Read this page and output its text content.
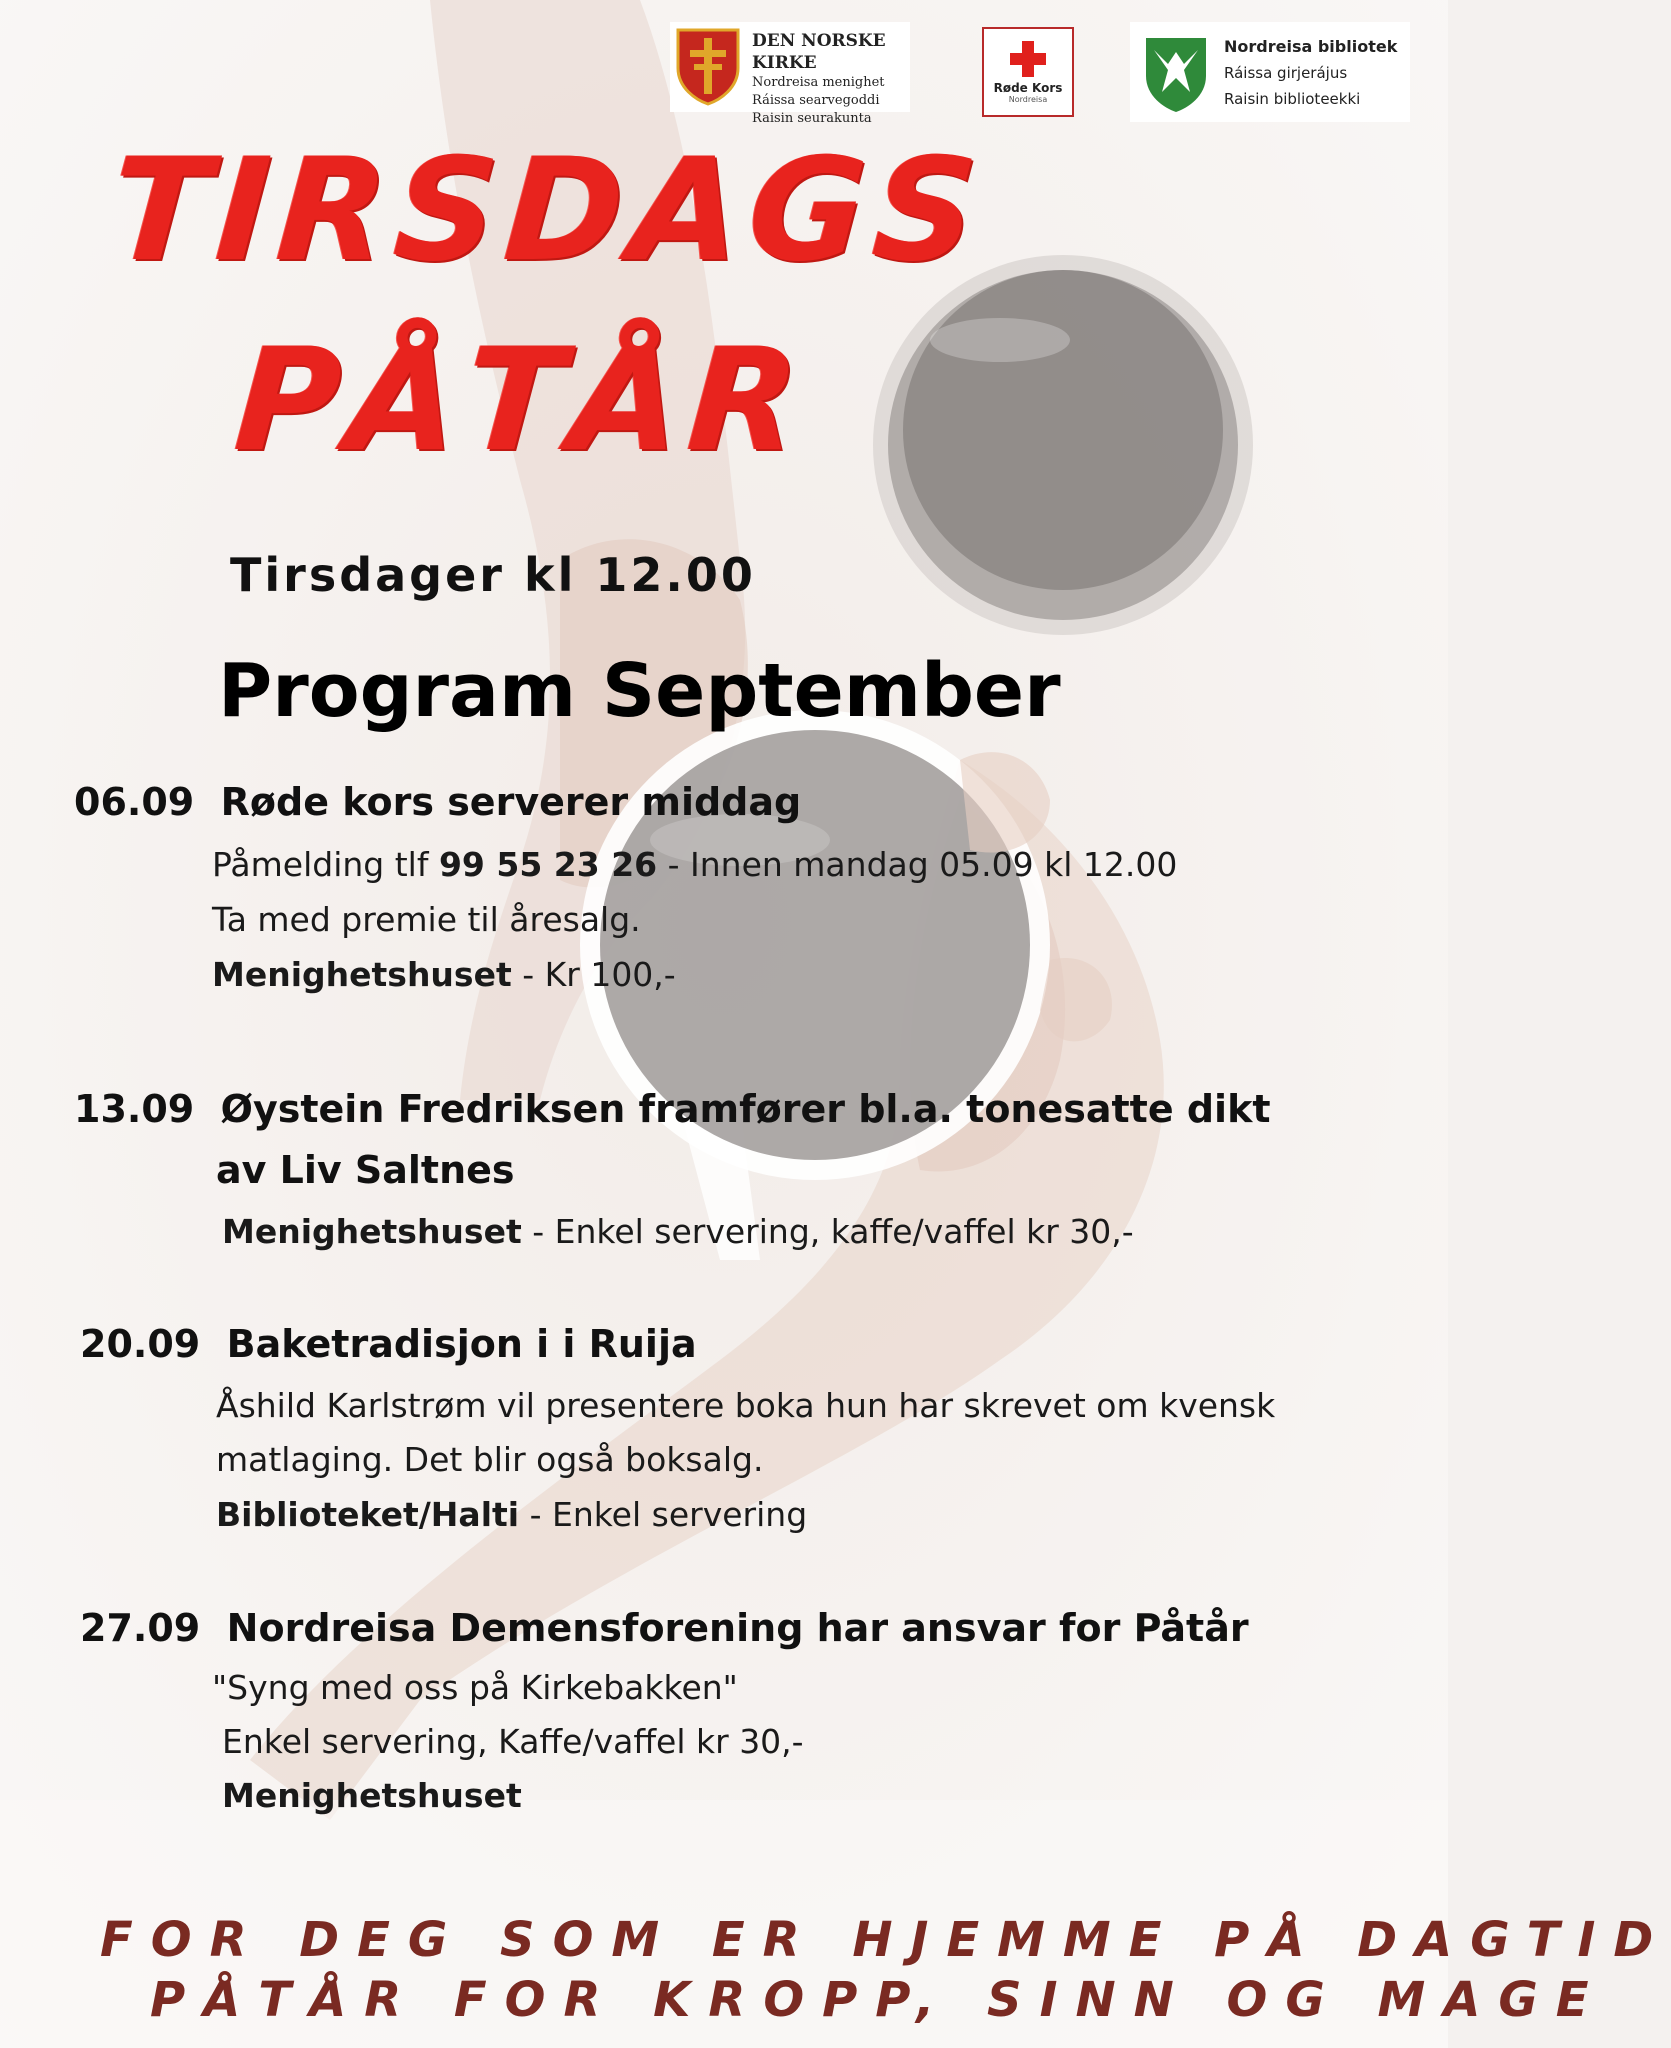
DEN NORSKE KIRKE
Nordreisa menighet
Ráissa searvegoddi
Raisin seurakunta
Røde Kors
Nordreisa
Nordreisa bibliotek
Ráissa girjerájus
Raisin biblioteekki
TIRSDAGS
PÅTÅR
Tirsdager kl 12.00
Program September
06.09 Røde kors serverer middag
Påmelding tlf 99 55 23 26 - Innen mandag 05.09 kl 12.00
Ta med premie til åresalg.
Menighetshuset - Kr 100,-
13.09 Øystein Fredriksen framfører bl.a. tonesatte dikt
av Liv Saltnes
Menighetshuset - Enkel servering, kaffe/vaffel kr 30,-
20.09 Baketradisjon i i Ruija
Åshild Karlstrøm vil presentere boka hun har skrevet om kvensk
matlaging. Det blir også boksalg.
Biblioteket/Halti - Enkel servering
27.09 Nordreisa Demensforening har ansvar for Påtår
"Syng med oss på Kirkebakken"
Enkel servering, Kaffe/vaffel kr 30,-
Menighetshuset
FOR DEG SOM ER HJEMME PÅ DAGTID
PÅTÅR FOR KROPP, SINN OG MAGE
